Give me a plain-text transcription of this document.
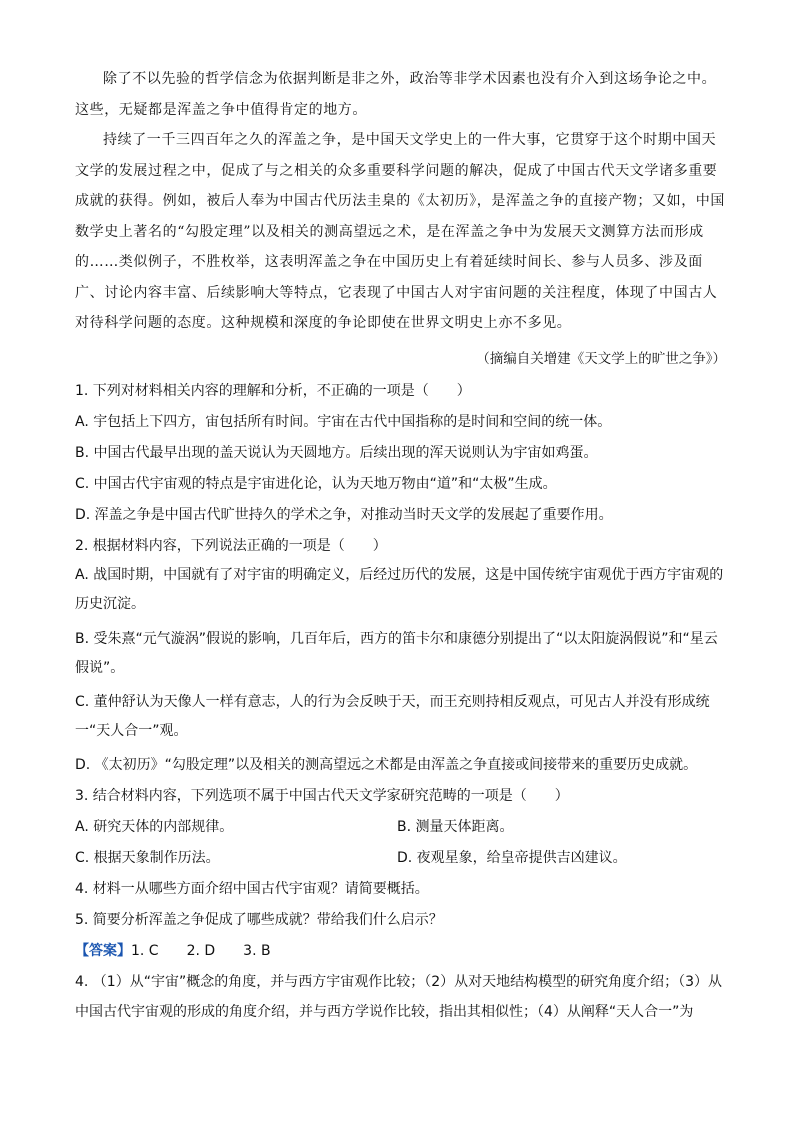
除了不以先验的哲学信念为依据判断是非之外，政治等非学术因素也没有介入到这场争论之中。这些，无疑都是浑盖之争中值得肯定的地方。

持续了一千三四百年之久的浑盖之争，是中国天文学史上的一件大事，它贯穿于这个时期中国天文学的发展过程之中，促成了与之相关的众多重要科学问题的解决，促成了中国古代天文学诸多重要成就的获得。例如，被后人奉为中国古代历法圭臬的《太初历》，是浑盖之争的直接产物；又如，中国数学史上著名的“勾股定理”以及相关的测高望远之术，是在浑盖之争中为发展天文测算方法而形成的……类似例子，不胜枚举，这表明浑盖之争在中国历史上有着延续时间长、参与人员多、涉及面广、讨论内容丰富、后续影响大等特点，它表现了中国古人对宇宙问题的关注程度，体现了中国古人对待科学问题的态度。这种规模和深度的争论即使在世界文明史上亦不多见。

（摘编自关增建《天文学上的旷世之争》）

1. 下列对材料相关内容的理解和分析，不正确的一项是（　　）

A. 宇包括上下四方，宙包括所有时间。宇宙在古代中国指称的是时间和空间的统一体。

B. 中国古代最早出现的盖天说认为天圆地方。后续出现的浑天说则认为宇宙如鸡蛋。

C. 中国古代宇宙观的特点是宇宙进化论，认为天地万物由“道”和“太极”生成。

D. 浑盖之争是中国古代旷世持久的学术之争，对推动当时天文学的发展起了重要作用。

2. 根据材料内容，下列说法正确的一项是（　　）

A. 战国时期，中国就有了对宇宙的明确定义，后经过历代的发展，这是中国传统宇宙观优于西方宇宙观的历史沉淀。

B. 受朱熹“元气漩涡”假说的影响，几百年后，西方的笛卡尔和康德分别提出了“以太阳旋涡假说”和“星云假说”。

C. 董仲舒认为天像人一样有意志，人的行为会反映于天，而王充则持相反观点，可见古人并没有形成统一“天人合一”观。

D. 《太初历》“勾股定理”以及相关的测高望远之术都是由浑盖之争直接或间接带来的重要历史成就。

3. 结合材料内容，下列选项不属于中国古代天文学家研究范畴的一项是（　　）

A. 研究天体的内部规律。	B. 测量天体距离。

C. 根据天象制作历法。	D. 夜观星象，给皇帝提供吉凶建议。

4. 材料一从哪些方面介绍中国古代宇宙观？请简要概括。

5. 简要分析浑盖之争促成了哪些成就？带给我们什么启示？

【答案】1. C　　2. D　　3. B

4. （1）从“宇宙”概念的角度，并与西方宇宙观作比较；（2）从对天地结构模型的研究角度介绍；（3）从中国古代宇宙观的形成的角度介绍，并与西方学说作比较，指出其相似性；（4）从阐释“天人合一”为
